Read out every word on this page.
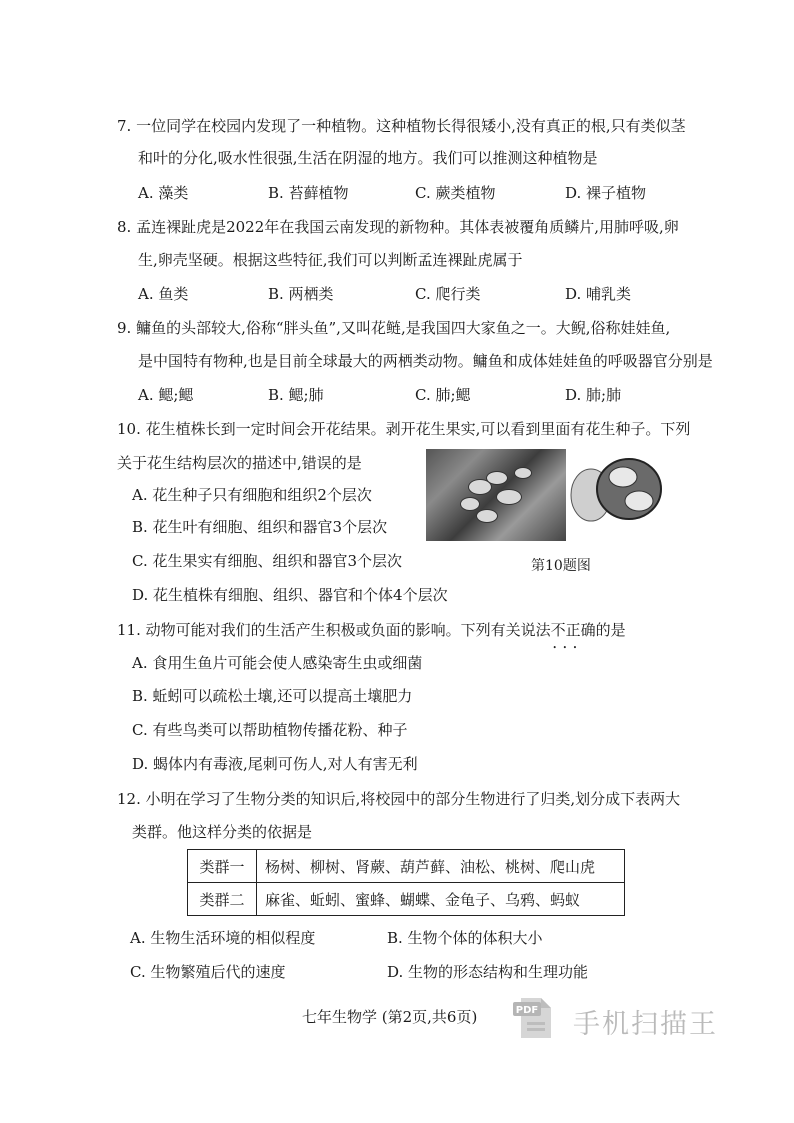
7. 一位同学在校园内发现了一种植物。这种植物长得很矮小,没有真正的根,只有类似茎
和叶的分化,吸水性很强,生活在阴湿的地方。我们可以推测这种植物是
A. 藻类	B. 苔藓植物	C. 蕨类植物	D. 裸子植物
8. 孟连裸趾虎是2022年在我国云南发现的新物种。其体表被覆角质鳞片,用肺呼吸,卵
生,卵壳坚硬。根据这些特征,我们可以判断孟连裸趾虎属于
A. 鱼类	B. 两栖类	C. 爬行类	D. 哺乳类
9. 鳙鱼的头部较大,俗称“胖头鱼”,又叫花鲢,是我国四大家鱼之一。大鲵,俗称娃娃鱼,
是中国特有物种,也是目前全球最大的两栖类动物。鳙鱼和成体娃娃鱼的呼吸器官分别是
A. 鳃;鳃	B. 鳃;肺	C. 肺;鳃	D. 肺;肺
10. 花生植株长到一定时间会开花结果。剥开花生果实,可以看到里面有花生种子。下列
关于花生结构层次的描述中,错误的是
A. 花生种子只有细胞和组织2个层次
B. 花生叶有细胞、组织和器官3个层次
C. 花生果实有细胞、组织和器官3个层次
D. 花生植株有细胞、组织、器官和个体4个层次
第10题图
11. 动物可能对我们的生活产生积极或负面的影响。下列有关说法不正确 •••的是
A. 食用生鱼片可能会使人感染寄生虫或细菌
B. 蚯蚓可以疏松土壤,还可以提高土壤肥力
C. 有些鸟类可以帮助植物传播花粉、种子
D. 蝎体内有毒液,尾刺可伤人,对人有害无利
12. 小明在学习了生物分类的知识后,将校园中的部分生物进行了归类,划分成下表两大
类群。他这样分类的依据是
类群一	杨树、柳树、肾蕨、葫芦藓、油松、桃树、爬山虎
类群二	麻雀、蚯蚓、蜜蜂、蝴蝶、金龟子、乌鸦、蚂蚁
A. 生物生活环境的相似程度	B. 生物个体的体积大小
C. 生物繁殖后代的速度	D. 生物的形态结构和生理功能
七年生物学 (第2页,共6页)	PDF 手机扫描王
